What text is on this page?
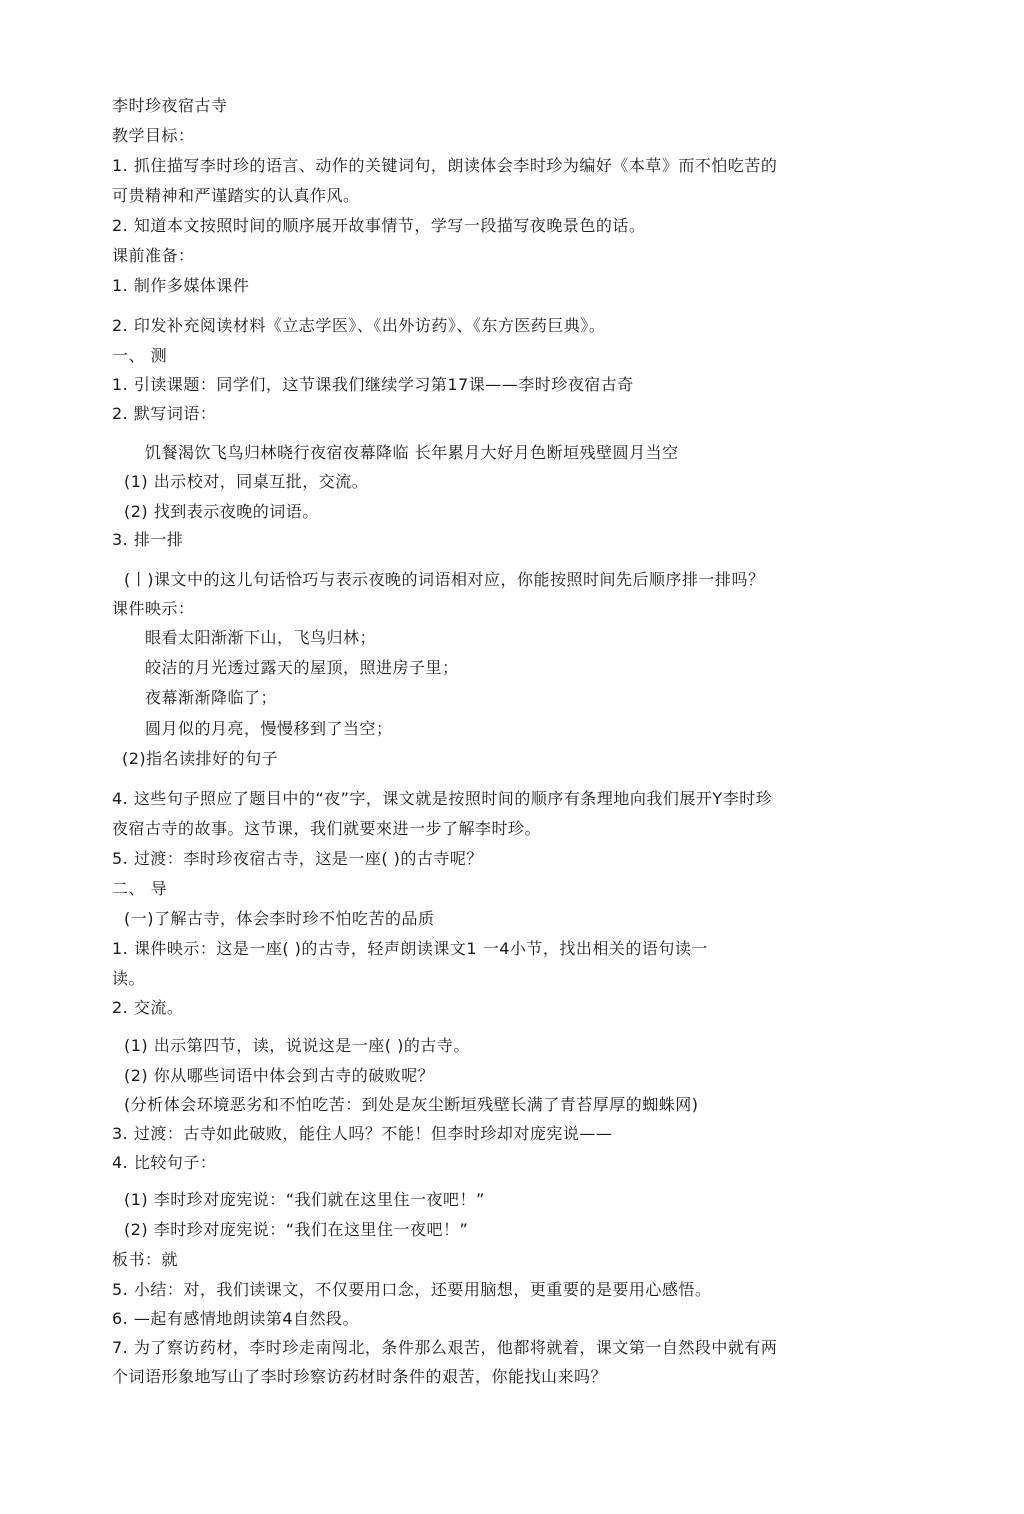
李时珍夜宿古寺

教学目标：

1. 抓住描写李时珍的语言、动作的关键词句，朗读体会李时珍为编好《本草》而不怕吃苦的

可贵精神和严谨踏实的认真作风。

2. 知道本文按照时间的顺序展开故事情节，学写一段描写夜晚景色的话。

课前准备：

1. 制作多媒体课件

2. 印发补充阅读材料《立志学医》、《出外访药》、《东方医药巨典》。

一、 测

1. 引读课题：同学们，这节课我们继续学习第17课——李时珍夜宿古奇

2. 默写词语：

饥餐渴饮飞鸟归林晓行夜宿夜幕降临 长年累月大好月色断垣残壁圆月当空

(1) 出示校对，同桌互批，交流。

(2) 找到表示夜晚的词语。

3. 排一排

(丨)课文中的这儿句话恰巧与表示夜晚的词语相对应，你能按照时间先后顺序排一排吗？

课件映示：

眼看太阳渐渐下山，飞鸟归林；

皎洁的月光透过露天的屋顶，照进房子里；

夜幕渐渐降临了；

圆月似的月亮，慢慢移到了当空；

(2)指名读排好的句子

4. 这些句子照应了题目中的“夜”字，课文就是按照时间的顺序有条理地向我们展开Y李时珍

夜宿古寺的故事。这节课，我们就要來进一步了解李时珍。

5. 过渡：李时珍夜宿古寺，这是一座( )的古寺呢？

二、 导

(一)了解古寺，体会李时珍不怕吃苦的品质

1. 课件映示：这是一座( )的古寺，轻声朗读课文1 一4小节，找出相关的语句读一

读。

2. 交流。

(1) 出示第四节，读，说说这是一座( )的古寺。

(2) 你从哪些词语中体会到古寺的破败呢？

(分析体会环境恶劣和不怕吃苦：到处是灰尘断垣残壁长满了青苔厚厚的蜘蛛网)

3. 过渡：古寺如此破败，能住人吗？不能！但李时珍却对庞宪说——

4. 比较句子：

(1) 李时珍对庞宪说：“我们就在这里住一夜吧！”

(2) 李时珍对庞宪说：“我们在这里住一夜吧！”

板书：就

5. 小结：对，我们读课文，不仅要用口念，还要用脑想，更重要的是要用心感悟。

6. —起有感情地朗读第4自然段。

7. 为了察访药材，李时珍走南闯北，条件那么艰苦，他都将就着，课文第一自然段中就有两

个词语形象地写山了李时珍察访药材时条件的艰苦，你能找山来吗？
